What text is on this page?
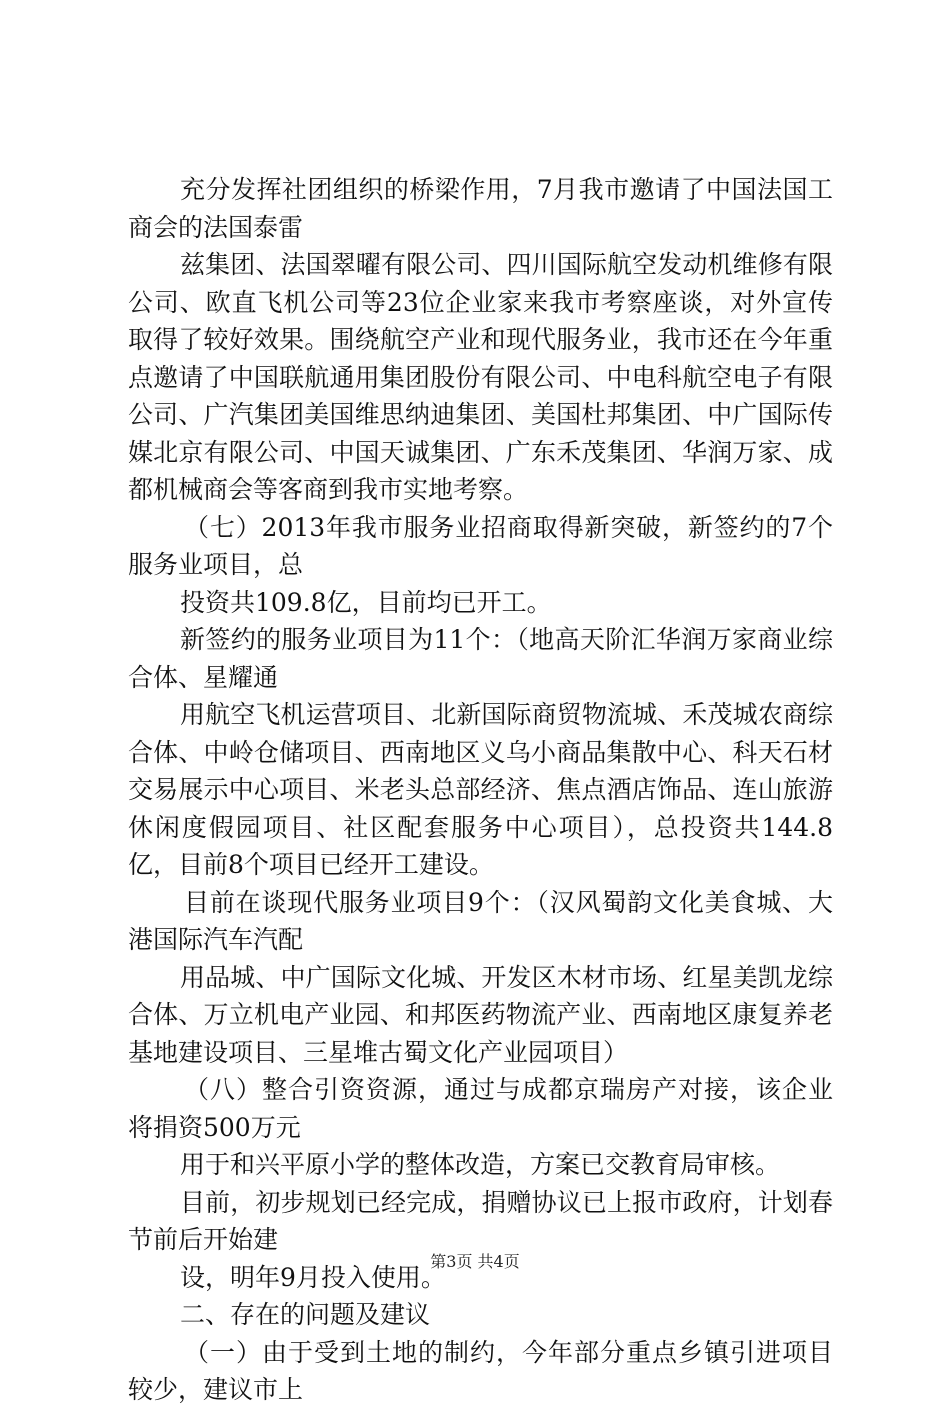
充分发挥社团组织的桥梁作用，7月我市邀请了中国法国工商会的法国泰雷

兹集团、法国翠曜有限公司、四川国际航空发动机维修有限公司、欧直飞机公司等23位企业家来我市考察座谈，对外宣传取得了较好效果。围绕航空产业和现代服务业，我市还在今年重点邀请了中国联航通用集团股份有限公司、中电科航空电子有限公司、广汽集团美国维思纳迪集团、美国杜邦集团、中广国际传媒北京有限公司、中国天诚集团、广东禾茂集团、华润万家、成都机械商会等客商到我市实地考察。

（七）2013年我市服务业招商取得新突破，新签约的7个服务业项目，总

投资共109.8亿，目前均已开工。

新签约的服务业项目为11个：（地高天阶汇华润万家商业综合体、星耀通

用航空飞机运营项目、北新国际商贸物流城、禾茂城农商综合体、中岭仓储项目、西南地区义乌小商品集散中心、科天石材交易展示中心项目、米老头总部经济、焦点酒店饰品、连山旅游休闲度假园项目、社区配套服务中心项目），总投资共144.8亿，目前8个项目已经开工建设。

目前在谈现代服务业项目9个：（汉风蜀韵文化美食城、大港国际汽车汽配

用品城、中广国际文化城、开发区木材市场、红星美凯龙综合体、万立机电产业园、和邦医药物流产业、西南地区康复养老基地建设项目、三星堆古蜀文化产业园项目）

（八）整合引资资源，通过与成都京瑞房产对接，该企业将捐资500万元

用于和兴平原小学的整体改造，方案已交教育局审核。

目前，初步规划已经完成，捐赠协议已上报市政府，计划春节前后开始建

设，明年9月投入使用。

二、存在的问题及建议

（一）由于受到土地的制约，今年部分重点乡镇引进项目较少，建议市上

第3页 共4页
